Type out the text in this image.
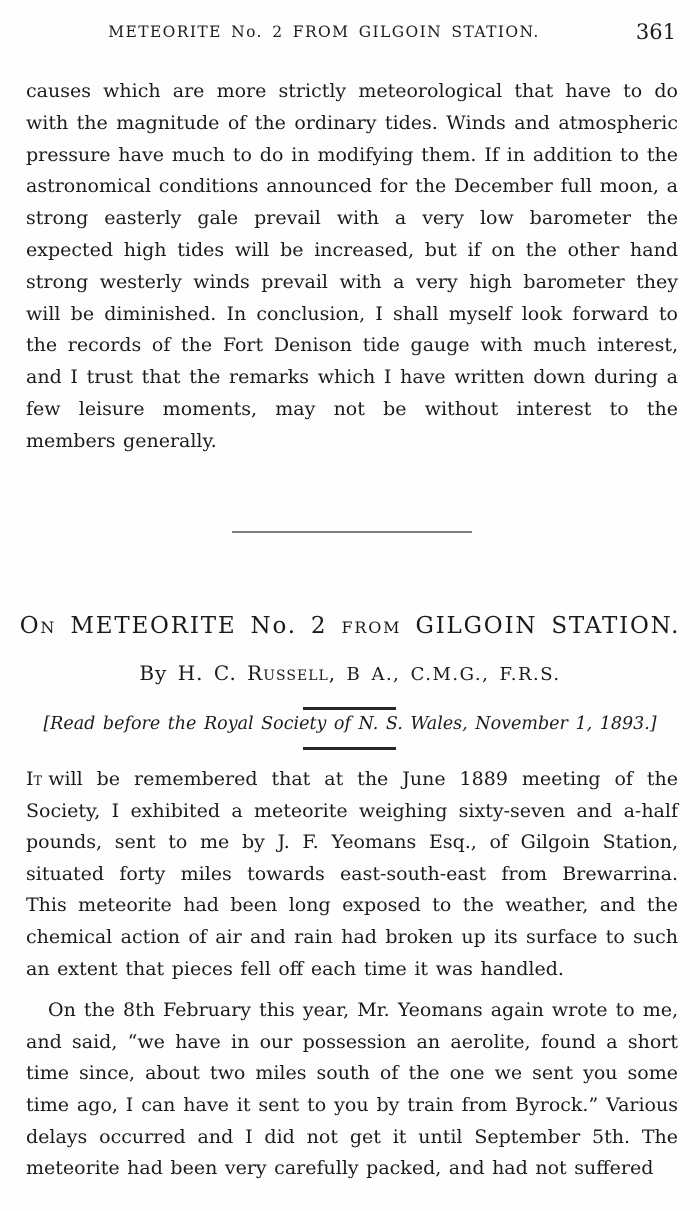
METEORITE No. 2 FROM GILGOIN STATION.	361

causes which are more strictly meteorological that have to do with the magnitude of the ordinary tides. Winds and atmospheric pressure have much to do in modifying them. If in addition to the astronomical conditions announced for the December full moon, a strong easterly gale prevail with a very low barometer the expected high tides will be increased, but if on the other hand strong westerly winds prevail with a very high barometer they will be diminished. In conclusion, I shall myself look forward to the records of the Fort Denison tide gauge with much interest, and I trust that the remarks which I have written down during a few leisure moments, may not be without interest to the members generally.

On METEORITE No. 2 from GILGOIN STATION.
By H. C. Russell, B A., C.M.G., F.R.S.
[Read before the Royal Society of N. S. Wales, November 1, 1893.]

It will be remembered that at the June 1889 meeting of the Society, I exhibited a meteorite weighing sixty-seven and a-half pounds, sent to me by J. F. Yeomans Esq., of Gilgoin Station, situated forty miles towards east-south-east from Brewarrina. This meteorite had been long exposed to the weather, and the chemical action of air and rain had broken up its surface to such an extent that pieces fell off each time it was handled.

On the 8th February this year, Mr. Yeomans again wrote to me, and said, “we have in our possession an aerolite, found a short time since, about two miles south of the one we sent you some time ago, I can have it sent to you by train from Byrock.” Various delays occurred and I did not get it until September 5th. The meteorite had been very carefully packed, and had not suffered
